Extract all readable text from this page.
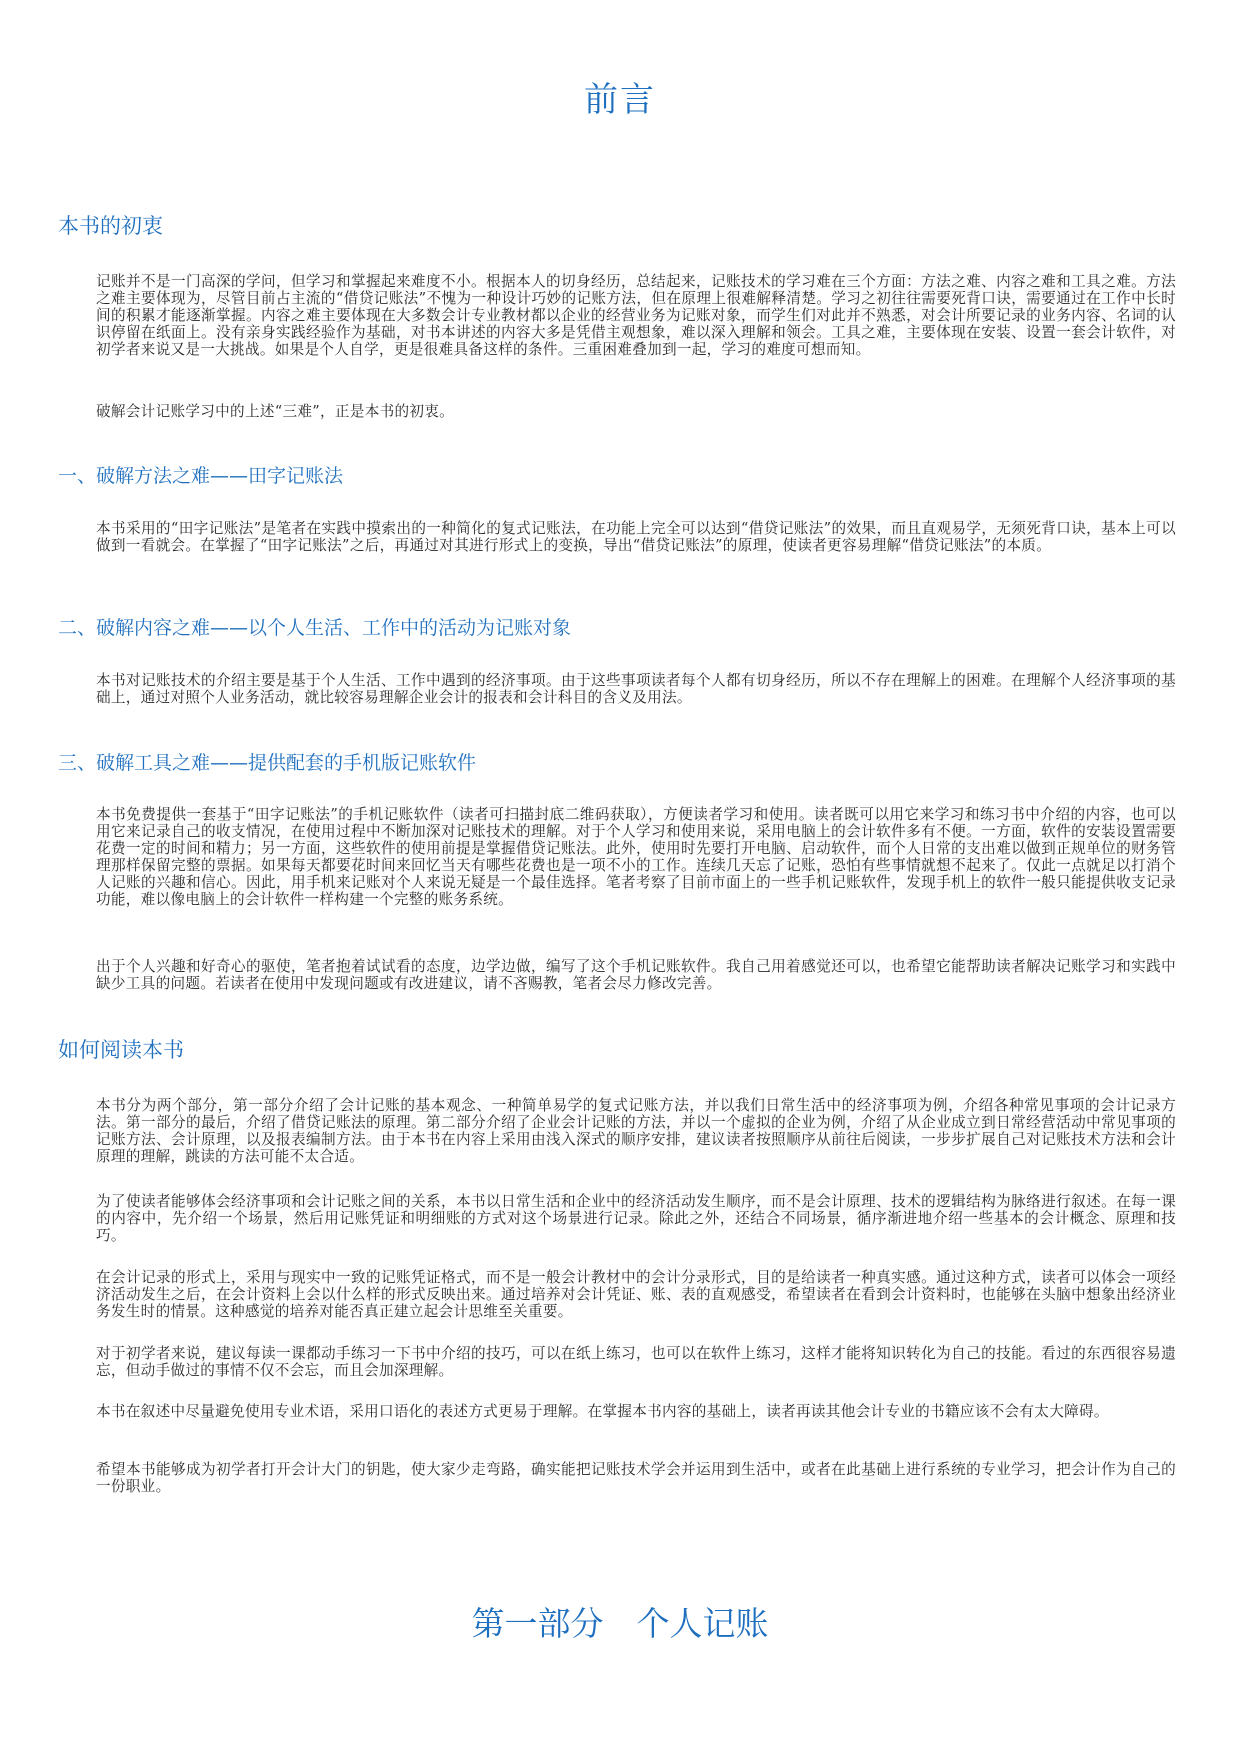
前言
本书的初衷

记账并不是一门高深的学问，但学习和掌握起来难度不小。根据本人的切身经历，总结起来，记账技术的学习难在三个方面：方法之难、内容之难和工具之难。方法之难主要体现为，尽管目前占主流的“借贷记账法”不愧为一种设计巧妙的记账方法，但在原理上很难解释清楚。学习之初往往需要死背口诀，需要通过在工作中长时间的积累才能逐渐掌握。内容之难主要体现在大多数会计专业教材都以企业的经营业务为记账对象，而学生们对此并不熟悉，对会计所要记录的业务内容、名词的认识停留在纸面上。没有亲身实践经验作为基础，对书本讲述的内容大多是凭借主观想象，难以深入理解和领会。工具之难，主要体现在安装、设置一套会计软件，对初学者来说又是一大挑战。如果是个人自学，更是很难具备这样的条件。三重困难叠加到一起，学习的难度可想而知。

破解会计记账学习中的上述“三难”，正是本书的初衷。

一、破解方法之难——田字记账法

本书采用的“田字记账法”是笔者在实践中摸索出的一种简化的复式记账法，在功能上完全可以达到“借贷记账法”的效果，而且直观易学，无须死背口诀，基本上可以做到一看就会。在掌握了“田字记账法”之后，再通过对其进行形式上的变换，导出“借贷记账法”的原理，使读者更容易理解“借贷记账法”的本质。

二、破解内容之难——以个人生活、工作中的活动为记账对象

本书对记账技术的介绍主要是基于个人生活、工作中遇到的经济事项。由于这些事项读者每个人都有切身经历，所以不存在理解上的困难。在理解个人经济事项的基础上，通过对照个人业务活动，就比较容易理解企业会计的报表和会计科目的含义及用法。

三、破解工具之难——提供配套的手机版记账软件

本书免费提供一套基于“田字记账法”的手机记账软件（读者可扫描封底二维码获取），方便读者学习和使用。读者既可以用它来学习和练习书中介绍的内容，也可以用它来记录自己的收支情况，在使用过程中不断加深对记账技术的理解。对于个人学习和使用来说，采用电脑上的会计软件多有不便。一方面，软件的安装设置需要花费一定的时间和精力；另一方面，这些软件的使用前提是掌握借贷记账法。此外，使用时先要打开电脑、启动软件，而个人日常的支出难以做到正规单位的财务管理那样保留完整的票据。如果每天都要花时间来回忆当天有哪些花费也是一项不小的工作。连续几天忘了记账，恐怕有些事情就想不起来了。仅此一点就足以打消个人记账的兴趣和信心。因此，用手机来记账对个人来说无疑是一个最佳选择。笔者考察了目前市面上的一些手机记账软件，发现手机上的软件一般只能提供收支记录功能，难以像电脑上的会计软件一样构建一个完整的账务系统。

出于个人兴趣和好奇心的驱使，笔者抱着试试看的态度，边学边做，编写了这个手机记账软件。我自己用着感觉还可以，也希望它能帮助读者解决记账学习和实践中缺少工具的问题。若读者在使用中发现问题或有改进建议，请不吝赐教，笔者会尽力修改完善。

如何阅读本书

本书分为两个部分，第一部分介绍了会计记账的基本观念、一种简单易学的复式记账方法，并以我们日常生活中的经济事项为例，介绍各种常见事项的会计记录方法。第一部分的最后，介绍了借贷记账法的原理。第二部分介绍了企业会计记账的方法，并以一个虚拟的企业为例，介绍了从企业成立到日常经营活动中常见事项的记账方法、会计原理，以及报表编制方法。由于本书在内容上采用由浅入深式的顺序安排，建议读者按照顺序从前往后阅读，一步步扩展自己对记账技术方法和会计原理的理解，跳读的方法可能不太合适。

为了使读者能够体会经济事项和会计记账之间的关系，本书以日常生活和企业中的经济活动发生顺序，而不是会计原理、技术的逻辑结构为脉络进行叙述。在每一课的内容中，先介绍一个场景，然后用记账凭证和明细账的方式对这个场景进行记录。除此之外，还结合不同场景，循序渐进地介绍一些基本的会计概念、原理和技巧。

在会计记录的形式上，采用与现实中一致的记账凭证格式，而不是一般会计教材中的会计分录形式，目的是给读者一种真实感。通过这种方式，读者可以体会一项经济活动发生之后，在会计资料上会以什么样的形式反映出来。通过培养对会计凭证、账、表的直观感受，希望读者在看到会计资料时，也能够在头脑中想象出经济业务发生时的情景。这种感觉的培养对能否真正建立起会计思维至关重要。

对于初学者来说，建议每读一课都动手练习一下书中介绍的技巧，可以在纸上练习，也可以在软件上练习，这样才能将知识转化为自己的技能。看过的东西很容易遗忘，但动手做过的事情不仅不会忘，而且会加深理解。

本书在叙述中尽量避免使用专业术语，采用口语化的表述方式更易于理解。在掌握本书内容的基础上，读者再读其他会计专业的书籍应该不会有太大障碍。

希望本书能够成为初学者打开会计大门的钥匙，使大家少走弯路，确实能把记账技术学会并运用到生活中，或者在此基础上进行系统的专业学习，把会计作为自己的一份职业。

第一部分　个人记账
